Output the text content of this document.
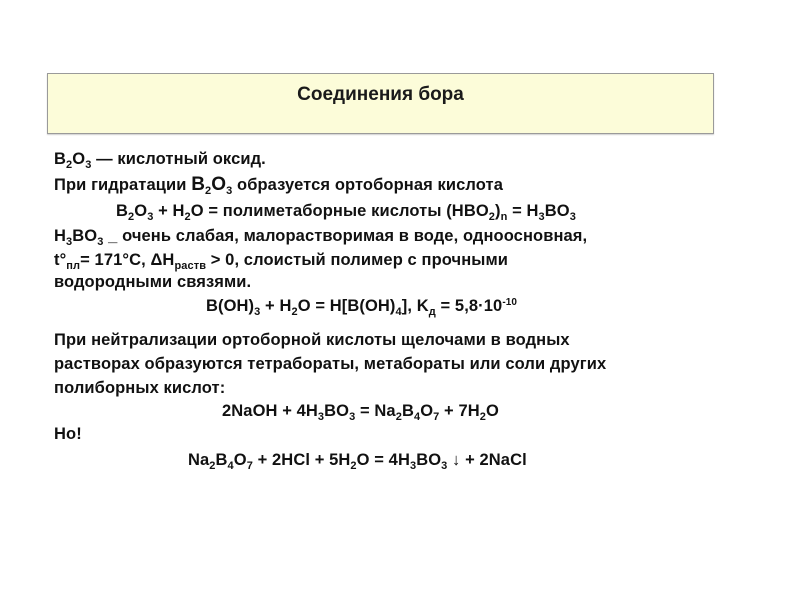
Соединения бора
$B_2O_3$ — кислотный оксид.
При гидратации $B_2O_3$ образуется ортоборная кислота
$B_2O_3 + H_2O$ = полиметаборные кислоты $(HBO_2)_n = H_3BO_3$
$H_3BO_3$ _ очень слабая, малорастворимая в воде, одноосновная,
$t^\circ_{пл}= 171^\circ C$, $\Delta H_{раств} > 0$, слоистый полимер с прочными
водородными связями.
$B(OH)_3 + H_2O = H[B(OH)_4]$, $K_д = 5,8\cdot 10^{-10}$
При нейтрализации ортоборной кислоты щелочами в водных
растворах образуются тетрабораты, метабораты или соли других
полиборных кислот:
2NaOH + $4H_3BO_3 = Na_2B_4O_7 + 7H_2O$
Но!
$Na_2B_4O_7 + 2HCl + 5H_2O = 4H_3BO_3$ ↓ + 2NaCl
